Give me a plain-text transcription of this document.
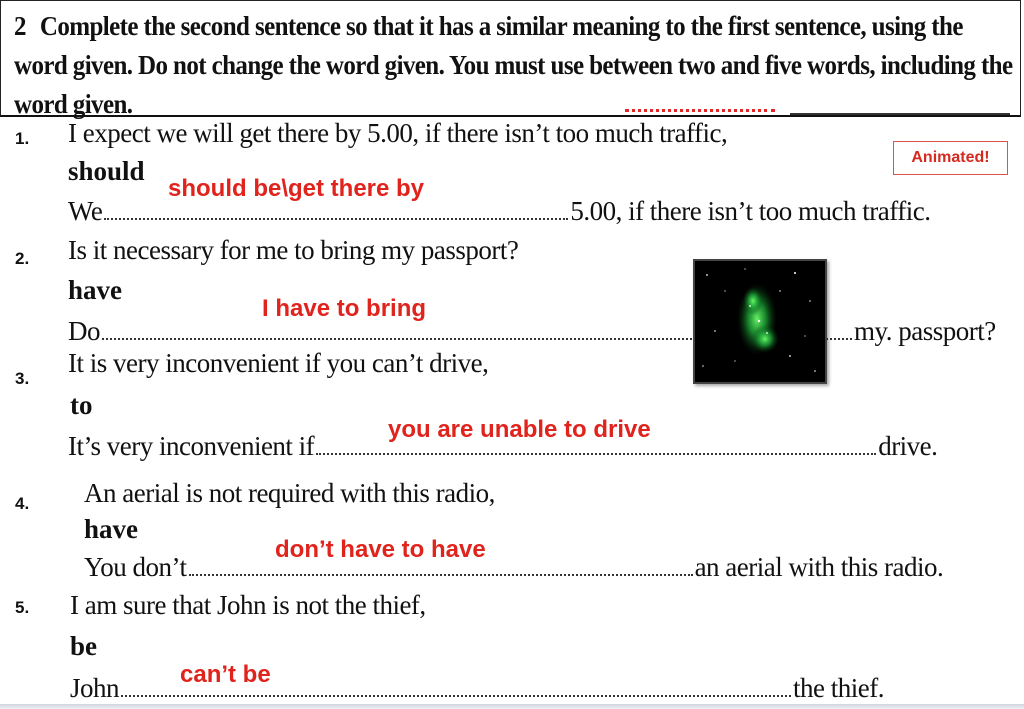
2 Complete the second sentence so that it has a similar meaning to the first sentence, using the word given. Do not change the word given. You must use between two and five words, including the word given.
Animated!
1. I expect we will get there by 5.00, if there isn’t too much traffic,
should
should be\get there by
We	5.00, if there isn’t too much traffic.
2. Is it necessary for me to bring my passport?
have
I have to bring
Do	my. passport?
3.
It is very inconvenient if you can’t drive,
to
you are unable to drive
It’s very inconvenient if	drive.
4. An aerial is not required with this radio,
have
don’t have to have
You don’t	an aerial with this radio.
5. I am sure that John is not the thief,
be
can’t be
John	the thief.
